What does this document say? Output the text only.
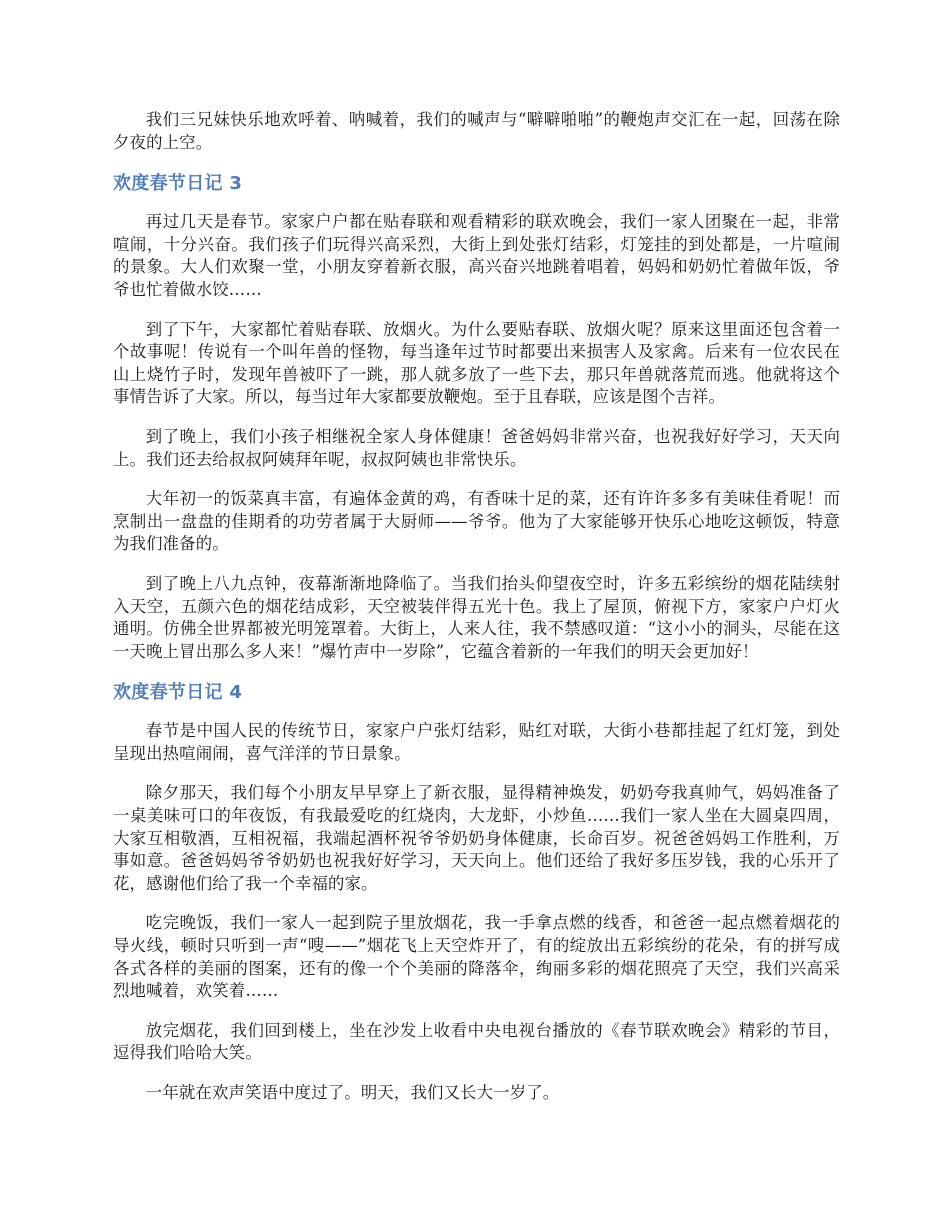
我们三兄妹快乐地欢呼着、呐喊着，我们的喊声与“噼噼啪啪”的鞭炮声交汇在一起，回荡在除夕夜的上空。

欢度春节日记 3

再过几天是春节。家家户户都在贴春联和观看精彩的联欢晚会，我们一家人团聚在一起，非常喧闹，十分兴奋。我们孩子们玩得兴高采烈，大街上到处张灯结彩，灯笼挂的到处都是，一片喧闹的景象。大人们欢聚一堂，小朋友穿着新衣服，高兴奋兴地跳着唱着，妈妈和奶奶忙着做年饭，爷爷也忙着做水饺……

到了下午，大家都忙着贴春联、放烟火。为什么要贴春联、放烟火呢？原来这里面还包含着一个故事呢！传说有一个叫年兽的怪物，每当逢年过节时都要出来损害人及家禽。后来有一位农民在山上烧竹子时，发现年兽被吓了一跳，那人就多放了一些下去，那只年兽就落荒而逃。他就将这个事情告诉了大家。所以，每当过年大家都要放鞭炮。至于且春联，应该是图个吉祥。

到了晚上，我们小孩子相继祝全家人身体健康！爸爸妈妈非常兴奋，也祝我好好学习，天天向上。我们还去给叔叔阿姨拜年呢，叔叔阿姨也非常快乐。

大年初一的饭菜真丰富，有遍体金黄的鸡，有香味十足的菜，还有许许多多有美味佳肴呢！而烹制出一盘盘的佳期肴的功劳者属于大厨师——爷爷。他为了大家能够开快乐心地吃这顿饭，特意为我们准备的。

到了晚上八九点钟，夜幕渐渐地降临了。当我们抬头仰望夜空时，许多五彩缤纷的烟花陆续射入天空，五颜六色的烟花结成彩，天空被装伴得五光十色。我上了屋顶，俯视下方，家家户户灯火通明。仿佛全世界都被光明笼罩着。大街上，人来人往，我不禁感叹道：“这小小的洞头，尽能在这一天晚上冒出那么多人来！”爆竹声中一岁除”，它蕴含着新的一年我们的明天会更加好！

欢度春节日记 4

春节是中国人民的传统节日，家家户户张灯结彩，贴红对联，大街小巷都挂起了红灯笼，到处呈现出热喧闹闹，喜气洋洋的节日景象。

除夕那天，我们每个小朋友早早穿上了新衣服，显得精神焕发，奶奶夸我真帅气，妈妈准备了一桌美味可口的年夜饭，有我最爱吃的红烧肉，大龙虾，小炒鱼……我们一家人坐在大圆桌四周，大家互相敬酒，互相祝福，我端起酒杯祝爷爷奶奶身体健康，长命百岁。祝爸爸妈妈工作胜利，万事如意。爸爸妈妈爷爷奶奶也祝我好好学习，天天向上。他们还给了我好多压岁钱，我的心乐开了花，感谢他们给了我一个幸福的家。

吃完晚饭，我们一家人一起到院子里放烟花，我一手拿点燃的线香，和爸爸一起点燃着烟花的导火线，顿时只听到一声“嗖——”烟花飞上天空炸开了，有的绽放出五彩缤纷的花朵，有的拼写成各式各样的美丽的图案，还有的像一个个美丽的降落伞，绚丽多彩的烟花照亮了天空，我们兴高采烈地喊着，欢笑着……

放完烟花，我们回到楼上，坐在沙发上收看中央电视台播放的《春节联欢晚会》精彩的节目，逗得我们哈哈大笑。

一年就在欢声笑语中度过了。明天，我们又长大一岁了。
